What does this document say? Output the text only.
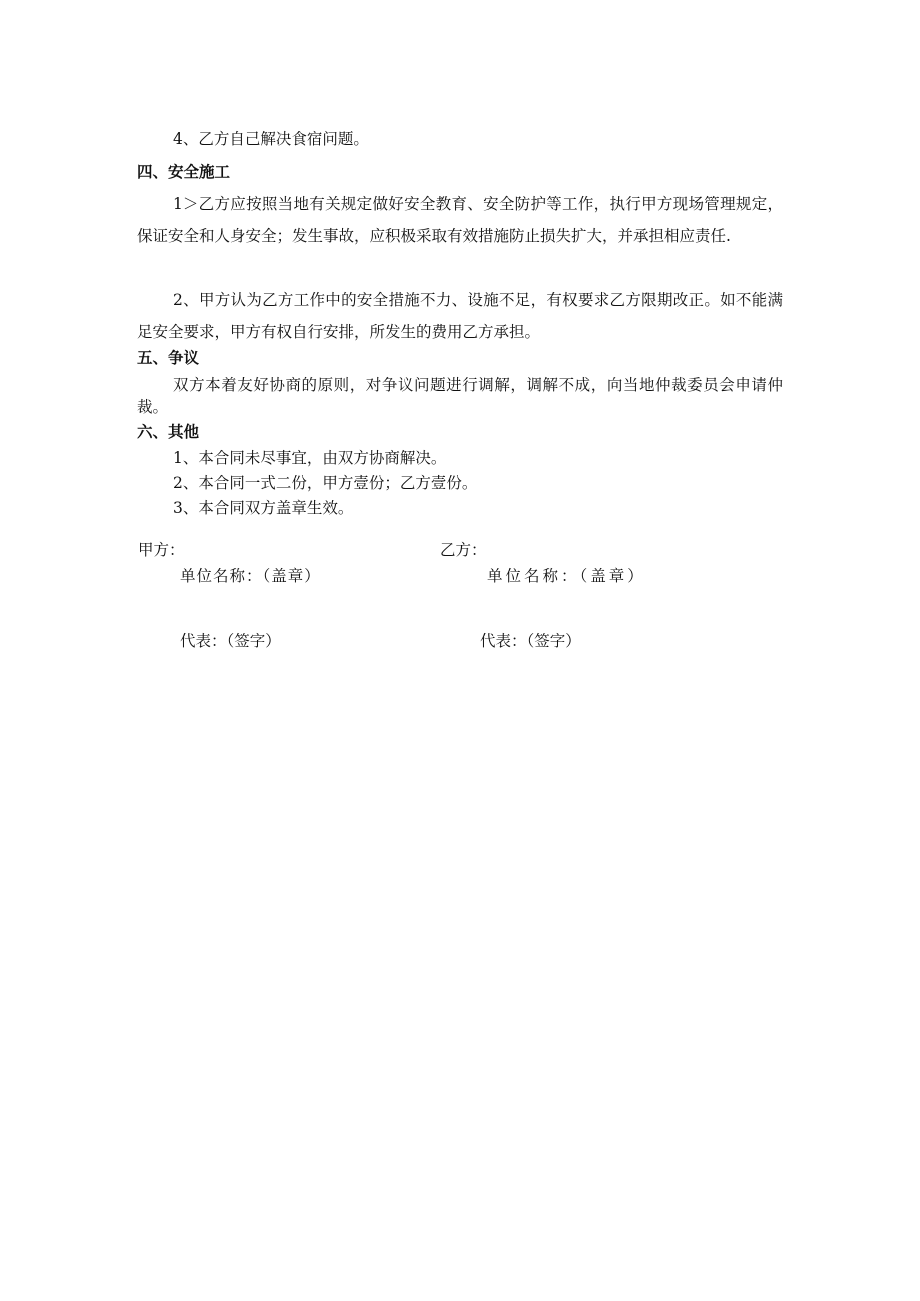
4、乙方自己解决食宿问题。
四、安全施工
1＞乙方应按照当地有关规定做好安全教育、安全防护等工作，执行甲方现场管理规定，保证安全和人身安全；发生事故，应积极采取有效措施防止损失扩大，并承担相应责任.
2、甲方认为乙方工作中的安全措施不力、设施不足，有权要求乙方限期改正。如不能满足安全要求，甲方有权自行安排，所发生的费用乙方承担。
五、争议
双方本着友好协商的原则，对争议问题进行调解，调解不成，向当地仲裁委员会申请仲裁。
六、其他
1、本合同未尽事宜，由双方协商解决。
2、本合同一式二份，甲方壹份；乙方壹份。
3、本合同双方盖章生效。
甲方：	乙方：
单位名称：（盖章）	单位名称：（盖章）
代表：（签字）	代表：（签字）
